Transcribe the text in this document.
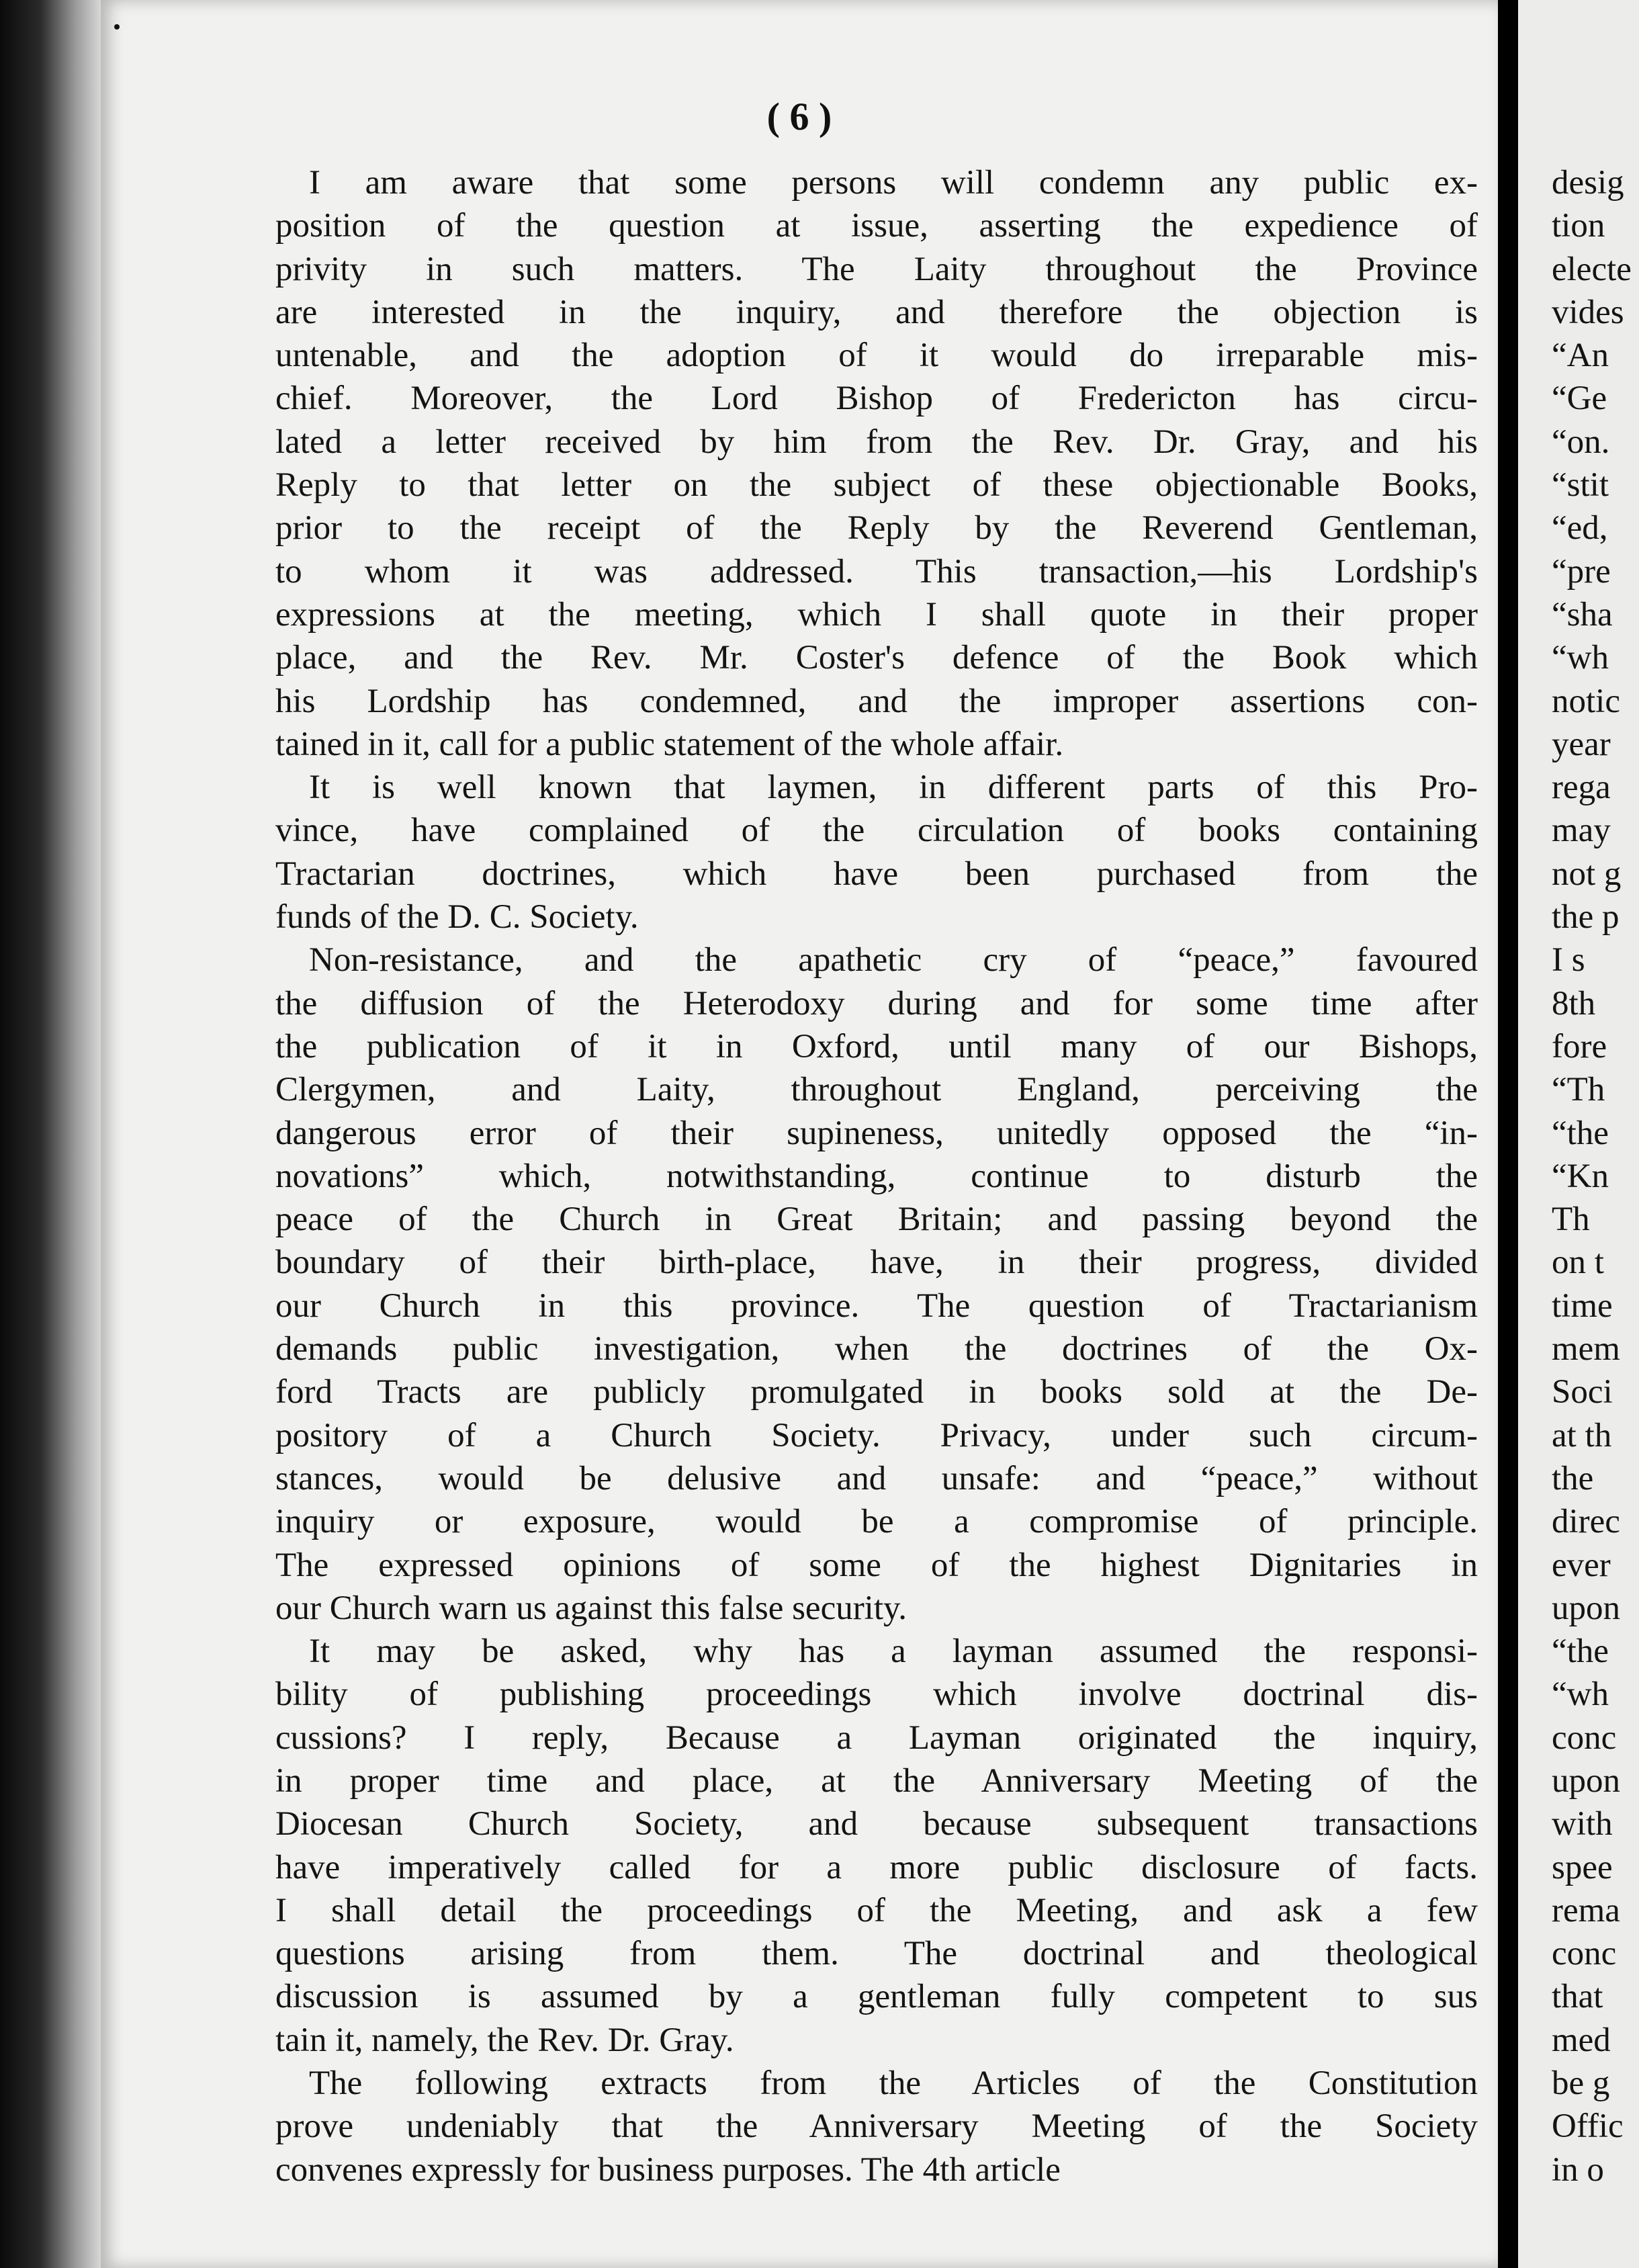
( 6 )

I am aware that some persons will condemn any public ex-
position of the question at issue, asserting the expedience of
privity in such matters. The Laity throughout the Province
are interested in the inquiry, and therefore the objection is
untenable, and the adoption of it would do irreparable mis-
chief. Moreover, the Lord Bishop of Fredericton has circu-
lated a letter received by him from the Rev. Dr. Gray, and his
Reply to that letter on the subject of these objectionable Books,
prior to the receipt of the Reply by the Reverend Gentleman,
to whom it was addressed. This transaction,—his Lordship's
expressions at the meeting, which I shall quote in their proper
place, and the Rev. Mr. Coster's defence of the Book which
his Lordship has condemned, and the improper assertions con-
tained in it, call for a public statement of the whole affair.

It is well known that laymen, in different parts of this Pro-
vince, have complained of the circulation of books containing
Tractarian doctrines, which have been purchased from the
funds of the D. C. Society.

Non-resistance, and the apathetic cry of “peace,” favoured
the diffusion of the Heterodoxy during and for some time after
the publication of it in Oxford, until many of our Bishops,
Clergymen, and Laity, throughout England, perceiving the
dangerous error of their supineness, unitedly opposed the “in-
novations” which, notwithstanding, continue to disturb the
peace of the Church in Great Britain; and passing beyond the
boundary of their birth-place, have, in their progress, divided
our Church in this province. The question of Tractarianism
demands public investigation, when the doctrines of the Ox-
ford Tracts are publicly promulgated in books sold at the De-
pository of a Church Society. Privacy, under such circum-
stances, would be delusive and unsafe: and “peace,” without
inquiry or exposure, would be a compromise of principle.
The expressed opinions of some of the highest Dignitaries in
our Church warn us against this false security.

It may be asked, why has a layman assumed the responsi-
bility of publishing proceedings which involve doctrinal dis-
cussions? I reply, Because a Layman originated the inquiry,
in proper time and place, at the Anniversary Meeting of the
Diocesan Church Society, and because subsequent transactions
have imperatively called for a more public disclosure of facts.
I shall detail the proceedings of the Meeting, and ask a few
questions arising from them. The doctrinal and theological
discussion is assumed by a gentleman fully competent to sus
tain it, namely, the Rev. Dr. Gray.

The following extracts from the Articles of the Constitution
prove undeniably that the Anniversary Meeting of the Society
convenes expressly for business purposes. The 4th article

desig
tion
electe
vides
“An
“Ge
“on.
“stit
“ed,
“pre
“sha
“wh
notic
year
rega
may
not g
the p
I s
8th
fore
“Th
“the
“Kn
Th
on t
time
mem
Soci
at th
the
direc
ever
upon
“the
“wh
conc
upon
with
spee
rema
conc
that
med
be g
Offic
in o
